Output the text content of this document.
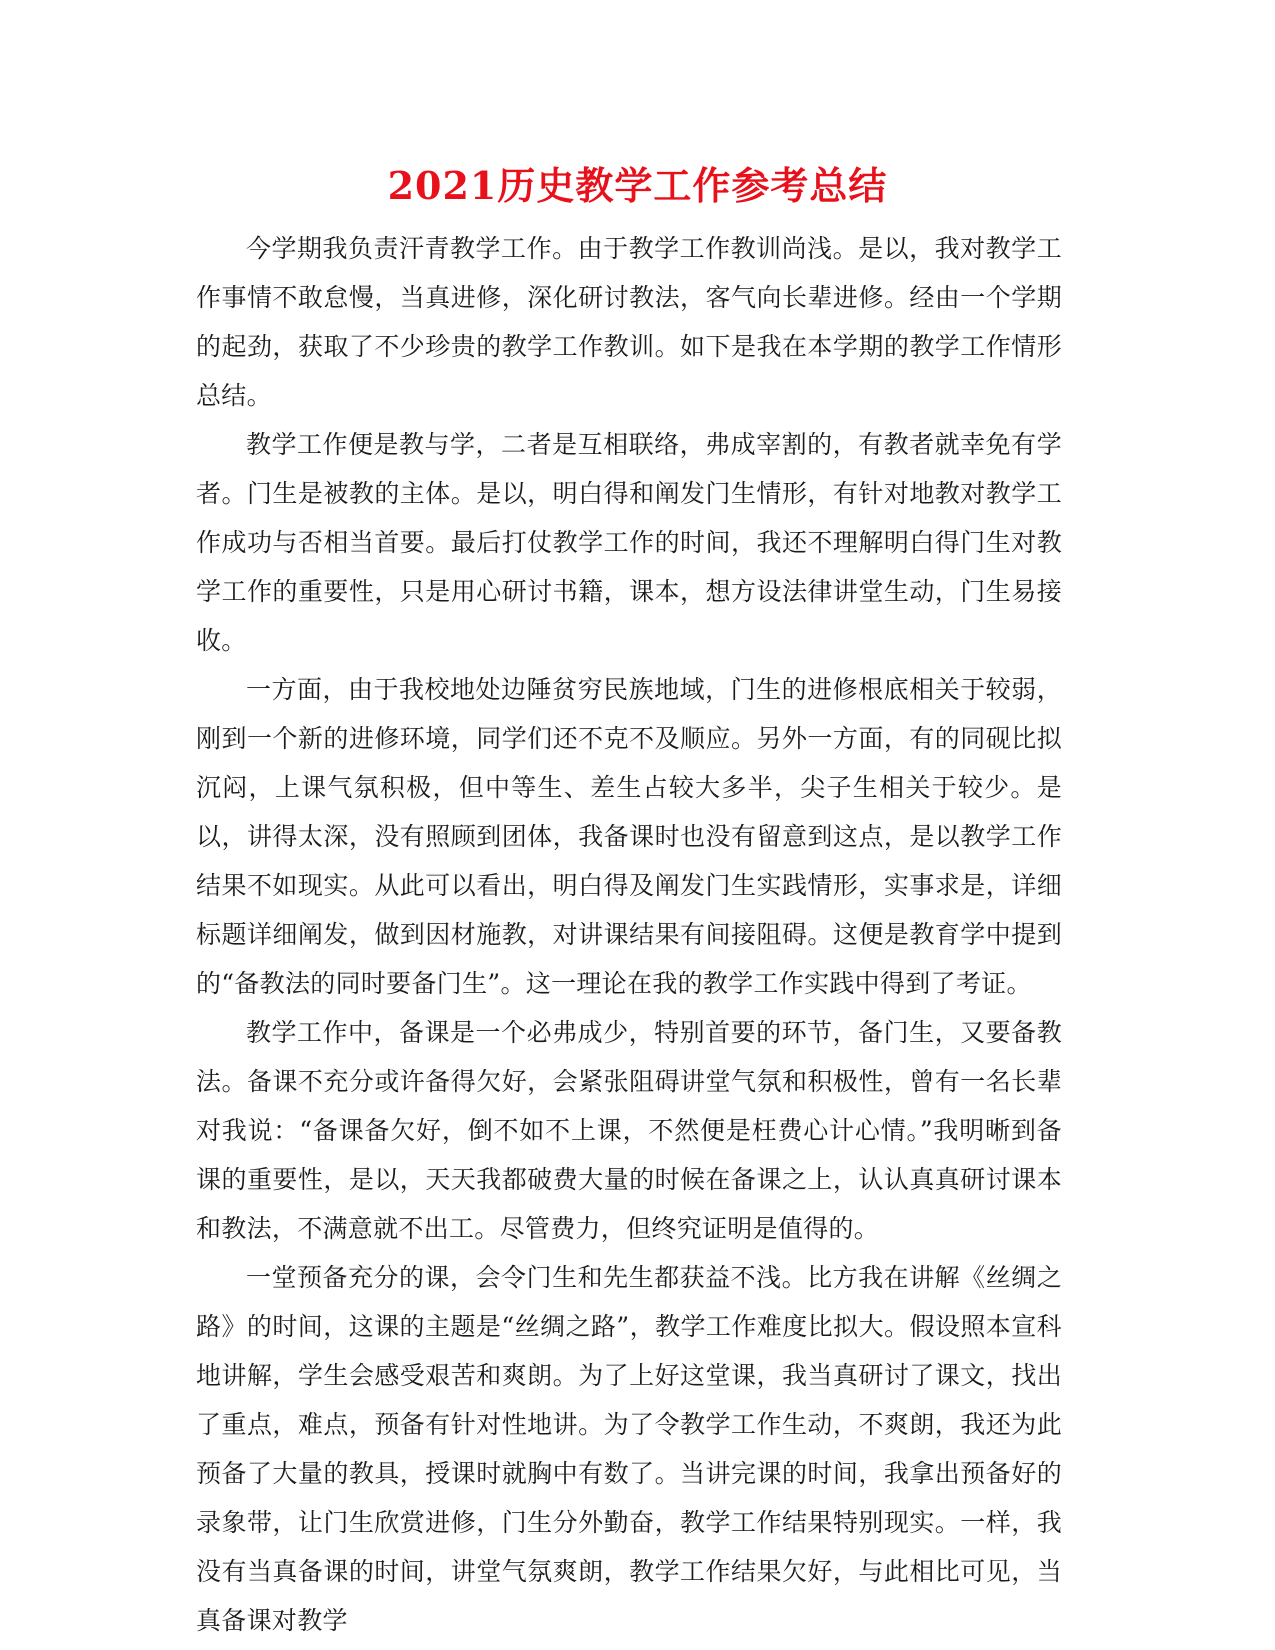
2021历史教学工作参考总结

今学期我负责汗青教学工作。由于教学工作教训尚浅。是以，我对教学工作事情不敢怠慢，当真进修，深化研讨教法，客气向长辈进修。经由一个学期的起劲，获取了不少珍贵的教学工作教训。如下是我在本学期的教学工作情形总结。

教学工作便是教与学，二者是互相联络，弗成宰割的，有教者就幸免有学者。门生是被教的主体。是以，明白得和阐发门生情形，有针对地教对教学工作成功与否相当首要。最后打仗教学工作的时间，我还不理解明白得门生对教学工作的重要性，只是用心研讨书籍，课本，想方设法律讲堂生动，门生易接收。

一方面，由于我校地处边陲贫穷民族地域，门生的进修根底相关于较弱，刚到一个新的进修环境，同学们还不克不及顺应。另外一方面，有的同砚比拟沉闷，上课气氛积极，但中等生、差生占较大多半，尖子生相关于较少。是以，讲得太深，没有照顾到团体，我备课时也没有留意到这点，是以教学工作结果不如现实。从此可以看出，明白得及阐发门生实践情形，实事求是，详细标题详细阐发，做到因材施教，对讲课结果有间接阻碍。这便是教育学中提到的“备教法的同时要备门生”。这一理论在我的教学工作实践中得到了考证。

教学工作中，备课是一个必弗成少，特别首要的环节，备门生，又要备教法。备课不充分或许备得欠好，会紧张阻碍讲堂气氛和积极性，曾有一名长辈对我说：“备课备欠好，倒不如不上课，不然便是枉费心计心情。”我明晰到备课的重要性，是以，天天我都破费大量的时候在备课之上，认认真真研讨课本和教法，不满意就不出工。尽管费力，但终究证明是值得的。

一堂预备充分的课，会令门生和先生都获益不浅。比方我在讲解《丝绸之路》的时间，这课的主题是“丝绸之路”，教学工作难度比拟大。假设照本宣科地讲解，学生会感受艰苦和爽朗。为了上好这堂课，我当真研讨了课文，找出了重点，难点，预备有针对性地讲。为了令教学工作生动，不爽朗，我还为此预备了大量的教具，授课时就胸中有数了。当讲完课的时间，我拿出预备好的录象带，让门生欣赏进修，门生分外勤奋，教学工作结果特别现实。一样，我没有当真备课的时间，讲堂气氛爽朗，教学工作结果欠好，与此相比可见，当真备课对教学
